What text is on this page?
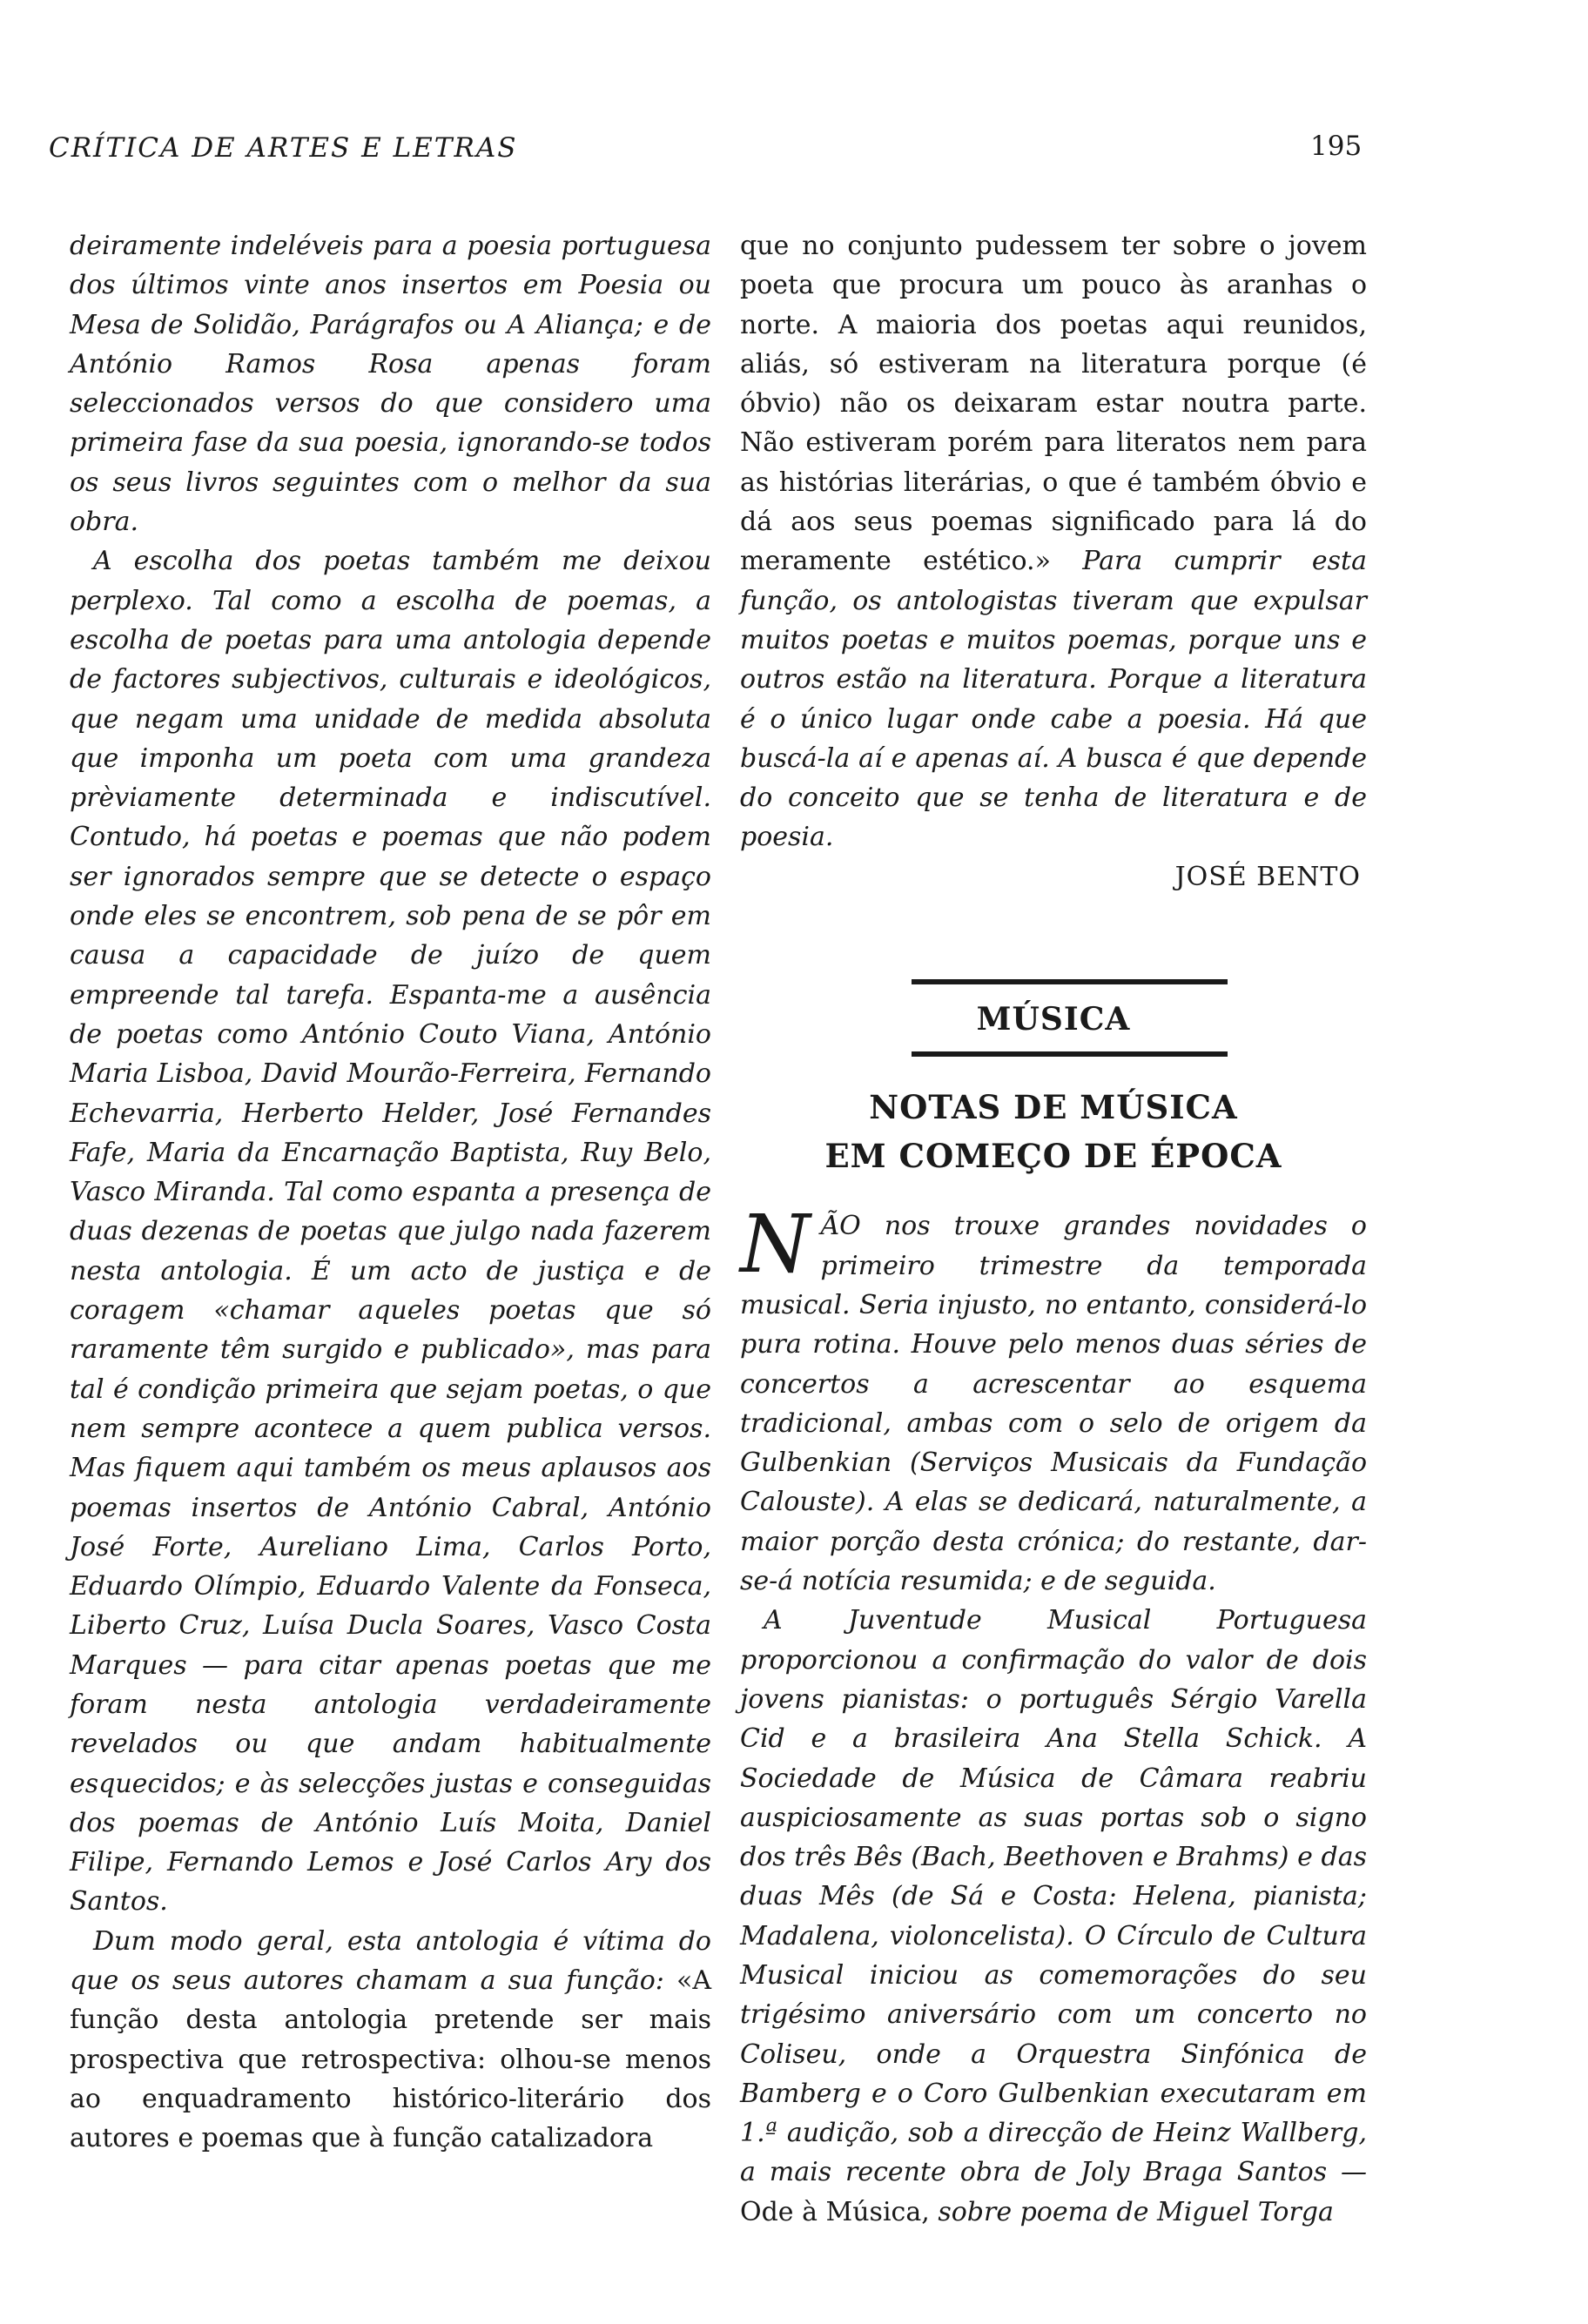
CRÍTICA DE ARTES E LETRAS	195

deiramente indeléveis para a poesia portuguesa dos últimos vinte anos insertos em Poesia ou Mesa de Solidão, Parágrafos ou A Aliança; e de António Ramos Rosa apenas foram seleccionados versos do que considero uma primeira fase da sua poesia, ignorando-se todos os seus livros seguintes com o melhor da sua obra.

A escolha dos poetas também me deixou perplexo. Tal como a escolha de poemas, a escolha de poetas para uma antologia depende de factores subjectivos, culturais e ideológicos, que negam uma unidade de medida absoluta que imponha um poeta com uma grandeza prèviamente determinada e indiscutível. Contudo, há poetas e poemas que não podem ser ignorados sempre que se detecte o espaço onde eles se encontrem, sob pena de se pôr em causa a capacidade de juízo de quem empreende tal tarefa. Espanta-me a ausência de poetas como António Couto Viana, António Maria Lisboa, David Mourão-Ferreira, Fernando Echevarria, Herberto Helder, José Fernandes Fafe, Maria da Encarnação Baptista, Ruy Belo, Vasco Miranda. Tal como espanta a presença de duas dezenas de poetas que julgo nada fazerem nesta antologia. É um acto de justiça e de coragem «chamar aqueles poetas que só raramente têm surgido e publicado», mas para tal é condição primeira que sejam poetas, o que nem sempre acontece a quem publica versos. Mas fiquem aqui também os meus aplausos aos poemas insertos de António Cabral, António José Forte, Aureliano Lima, Carlos Porto, Eduardo Olímpio, Eduardo Valente da Fonseca, Liberto Cruz, Luísa Ducla Soares, Vasco Costa Marques — para citar apenas poetas que me foram nesta antologia verdadeiramente revelados ou que andam habitualmente esquecidos; e às selecções justas e conseguidas dos poemas de António Luís Moita, Daniel Filipe, Fernando Lemos e José Carlos Ary dos Santos.

Dum modo geral, esta antologia é vítima do que os seus autores chamam a sua função: «A função desta antologia pretende ser mais prospectiva que retrospectiva: olhou-se menos ao enquadramento histórico-literário dos autores e poemas que à função catalizadora

que no conjunto pudessem ter sobre o jovem poeta que procura um pouco às aranhas o norte. A maioria dos poetas aqui reunidos, aliás, só estiveram na literatura porque (é óbvio) não os deixaram estar noutra parte. Não estiveram porém para literatos nem para as histórias literárias, o que é também óbvio e dá aos seus poemas significado para lá do meramente estético.» Para cumprir esta função, os antologistas tiveram que expulsar muitos poetas e muitos poemas, porque uns e outros estão na literatura. Porque a literatura é o único lugar onde cabe a poesia. Há que buscá-la aí e apenas aí. A busca é que depende do conceito que se tenha de literatura e de poesia.

JOSÉ BENTO

MÚSICA
NOTAS DE MÚSICA
EM COMEÇO DE ÉPOCA

NÃO nos trouxe grandes novidades o primeiro trimestre da temporada musical. Seria injusto, no entanto, considerá-lo pura rotina. Houve pelo menos duas séries de concertos a acrescentar ao esquema tradicional, ambas com o selo de origem da Gulbenkian (Serviços Musicais da Fundação Calouste). A elas se dedicará, naturalmente, a maior porção desta crónica; do restante, dar-se-á notícia resumida; e de seguida.

A Juventude Musical Portuguesa proporcionou a confirmação do valor de dois jovens pianistas: o português Sérgio Varella Cid e a brasileira Ana Stella Schick. A Sociedade de Música de Câmara reabriu auspiciosamente as suas portas sob o signo dos três Bês (Bach, Beethoven e Brahms) e das duas Mês (de Sá e Costa: Helena, pianista; Madalena, violoncelista). O Círculo de Cultura Musical iniciou as comemorações do seu trigésimo aniversário com um concerto no Coliseu, onde a Orquestra Sinfónica de Bamberg e o Coro Gulbenkian executaram em 1.ª audição, sob a direcção de Heinz Wallberg, a mais recente obra de Joly Braga Santos — Ode à Música, sobre poema de Miguel Torga
